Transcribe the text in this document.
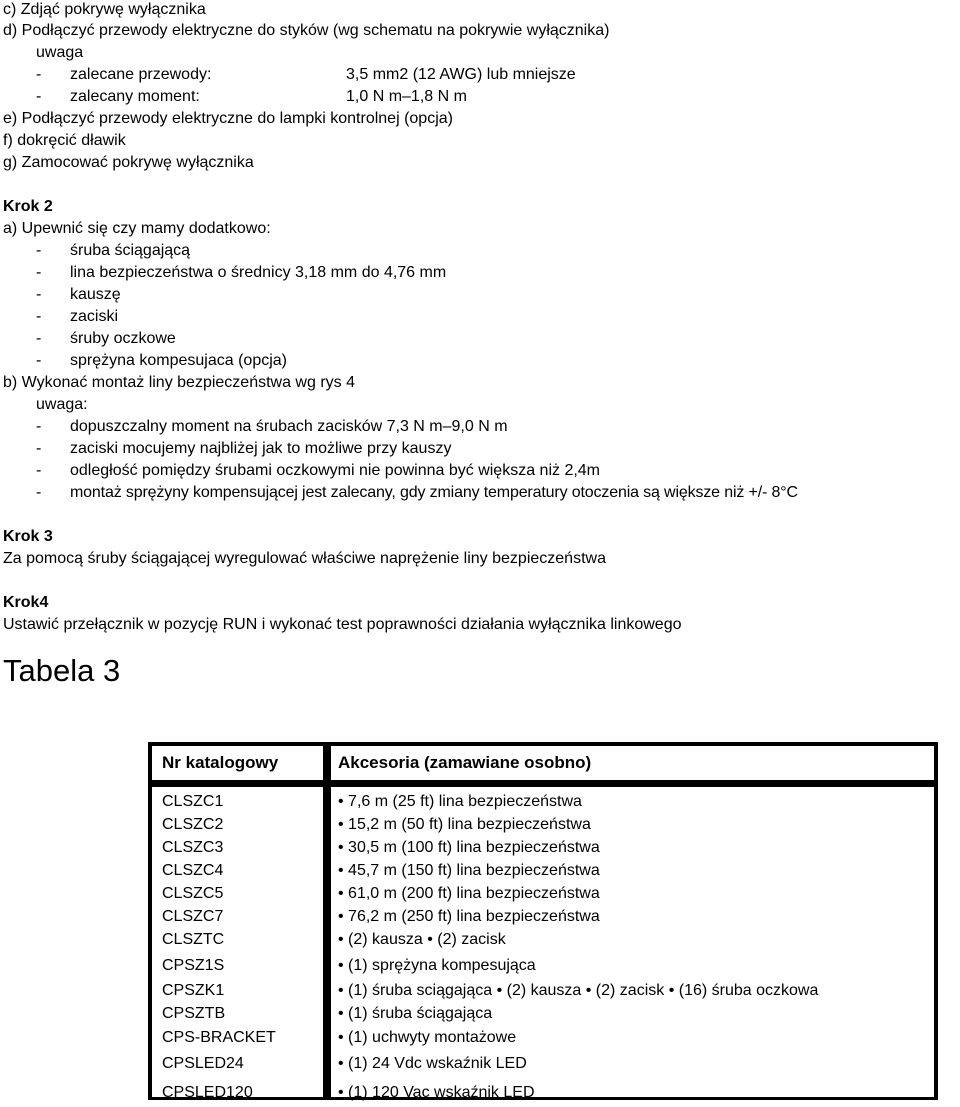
c) Zdjąć pokrywę wyłącznika
d) Podłączyć przewody elektryczne do styków (wg schematu na pokrywie wyłącznika)
uwaga
- zalecane przewody:	3,5 mm2 (12 AWG) lub mniejsze
- zalecany moment:	1,0 N m–1,8 N m
e) Podłączyć przewody elektryczne do lampki kontrolnej (opcja)
f) dokręcić dławik
g) Zamocować pokrywę wyłącznika
Krok 2
a) Upewnić się czy mamy dodatkowo:
- śruba ściągającą
- lina bezpieczeństwa o średnicy 3,18 mm do 4,76 mm
- kauszę
- zaciski
- śruby oczkowe
- sprężyna kompesujaca (opcja)
b) Wykonać montaż liny bezpieczeństwa wg rys 4
uwaga:
- dopuszczalny moment na śrubach zacisków 7,3 N m–9,0 N m
- zaciski mocujemy najbliżej jak to możliwe przy kauszy
- odległość pomiędzy śrubami oczkowymi nie powinna być większa niż 2,4m
- montaż sprężyny kompensującej jest zalecany, gdy zmiany temperatury otoczenia są większe niż +/- 8°C
Krok 3
Za pomocą śruby ściągającej wyregulować właściwe naprężenie liny bezpieczeństwa
Krok4
Ustawić przełącznik w pozycję RUN i wykonać test poprawności działania wyłącznika linkowego
Tabela 3
Nr katalogowy	Akcesoria (zamawiane osobno)
CLSZC1	• 7,6 m (25 ft) lina bezpieczeństwa
CLSZC2	• 15,2 m (50 ft) lina bezpieczeństwa
CLSZC3	• 30,5 m (100 ft) lina bezpieczeństwa
CLSZC4	• 45,7 m (150 ft) lina bezpieczeństwa
CLSZC5	• 61,0 m (200 ft) lina bezpieczeństwa
CLSZC7	• 76,2 m (250 ft) lina bezpieczeństwa
CLSZTC	• (2) kausza • (2) zacisk
CPSZ1S	• (1) sprężyna kompesująca
CPSZK1	• (1) śruba sciągająca • (2) kausza • (2) zacisk • (16) śruba oczkowa
CPSZTB	• (1) śruba ściągająca
CPS-BRACKET	• (1) uchwyty montażowe
CPSLED24	• (1) 24 Vdc wskaźnik LED
CPSLED120	• (1) 120 Vac wskaźnik LED
